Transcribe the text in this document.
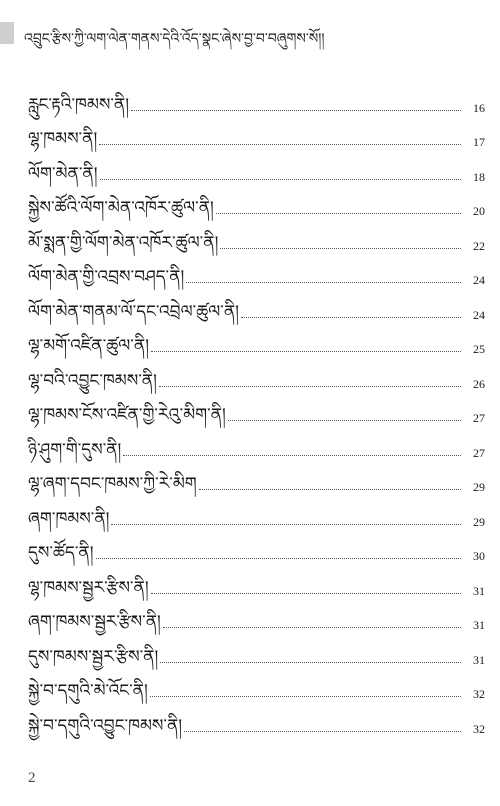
འབྲུང་རྩིས་ཀྱི་ལག་ལེན་གནས་དེའི་འོད་སྣང་ཞེས་བྱ་བ་བཞུགས་སོ།།
རླུང་རྟའི་ཁམས་ནི།	16
ལྷ་ཁམས་ནི།	17
ལོག་མེན་ནི།	18
སྐྱེས་ཚོའི་ལོག་མེན་འཁོར་ཚུལ་ནི།	20
མོ་སྨན་གྱི་ལོག་མེན་འཁོར་ཚུལ་ནི།	22
ལོག་མེན་གྱི་འབྲས་བཤད་ནི།	24
ལོག་མེན་གནམ་ལོ་དང་འབྲེལ་ཚུལ་ནི།	24
ལྷ་མགོ་འཛིན་ཚུལ་ནི།	25
ལྷ་བའི་འབྱུང་ཁམས་ནི།	26
ལྷ་ཁམས་ངོས་འཛིན་གྱི་རེའུ་མིག་ནི།	27
ཉི་ཤུག་གི་དུས་ནི།	27
ལྷ་ཞག་དབང་ཁམས་ཀྱི་རེ་མིག	29
ཞག་ཁམས་ནི།	29
དུས་ཚོད་ནི།	30
ལྷ་ཁམས་སྦྱར་རྩིས་ནི།	31
ཞག་ཁམས་སྦྱར་རྩིས་ནི།	31
དུས་ཁམས་སྦྱར་རྩིས་ནི།	31
སྐྱེ་བ་དགུའི་མེ་འོང་ནི།	32
སྐྱེ་བ་དགུའི་འབྱུང་ཁམས་ནི།	32
2
